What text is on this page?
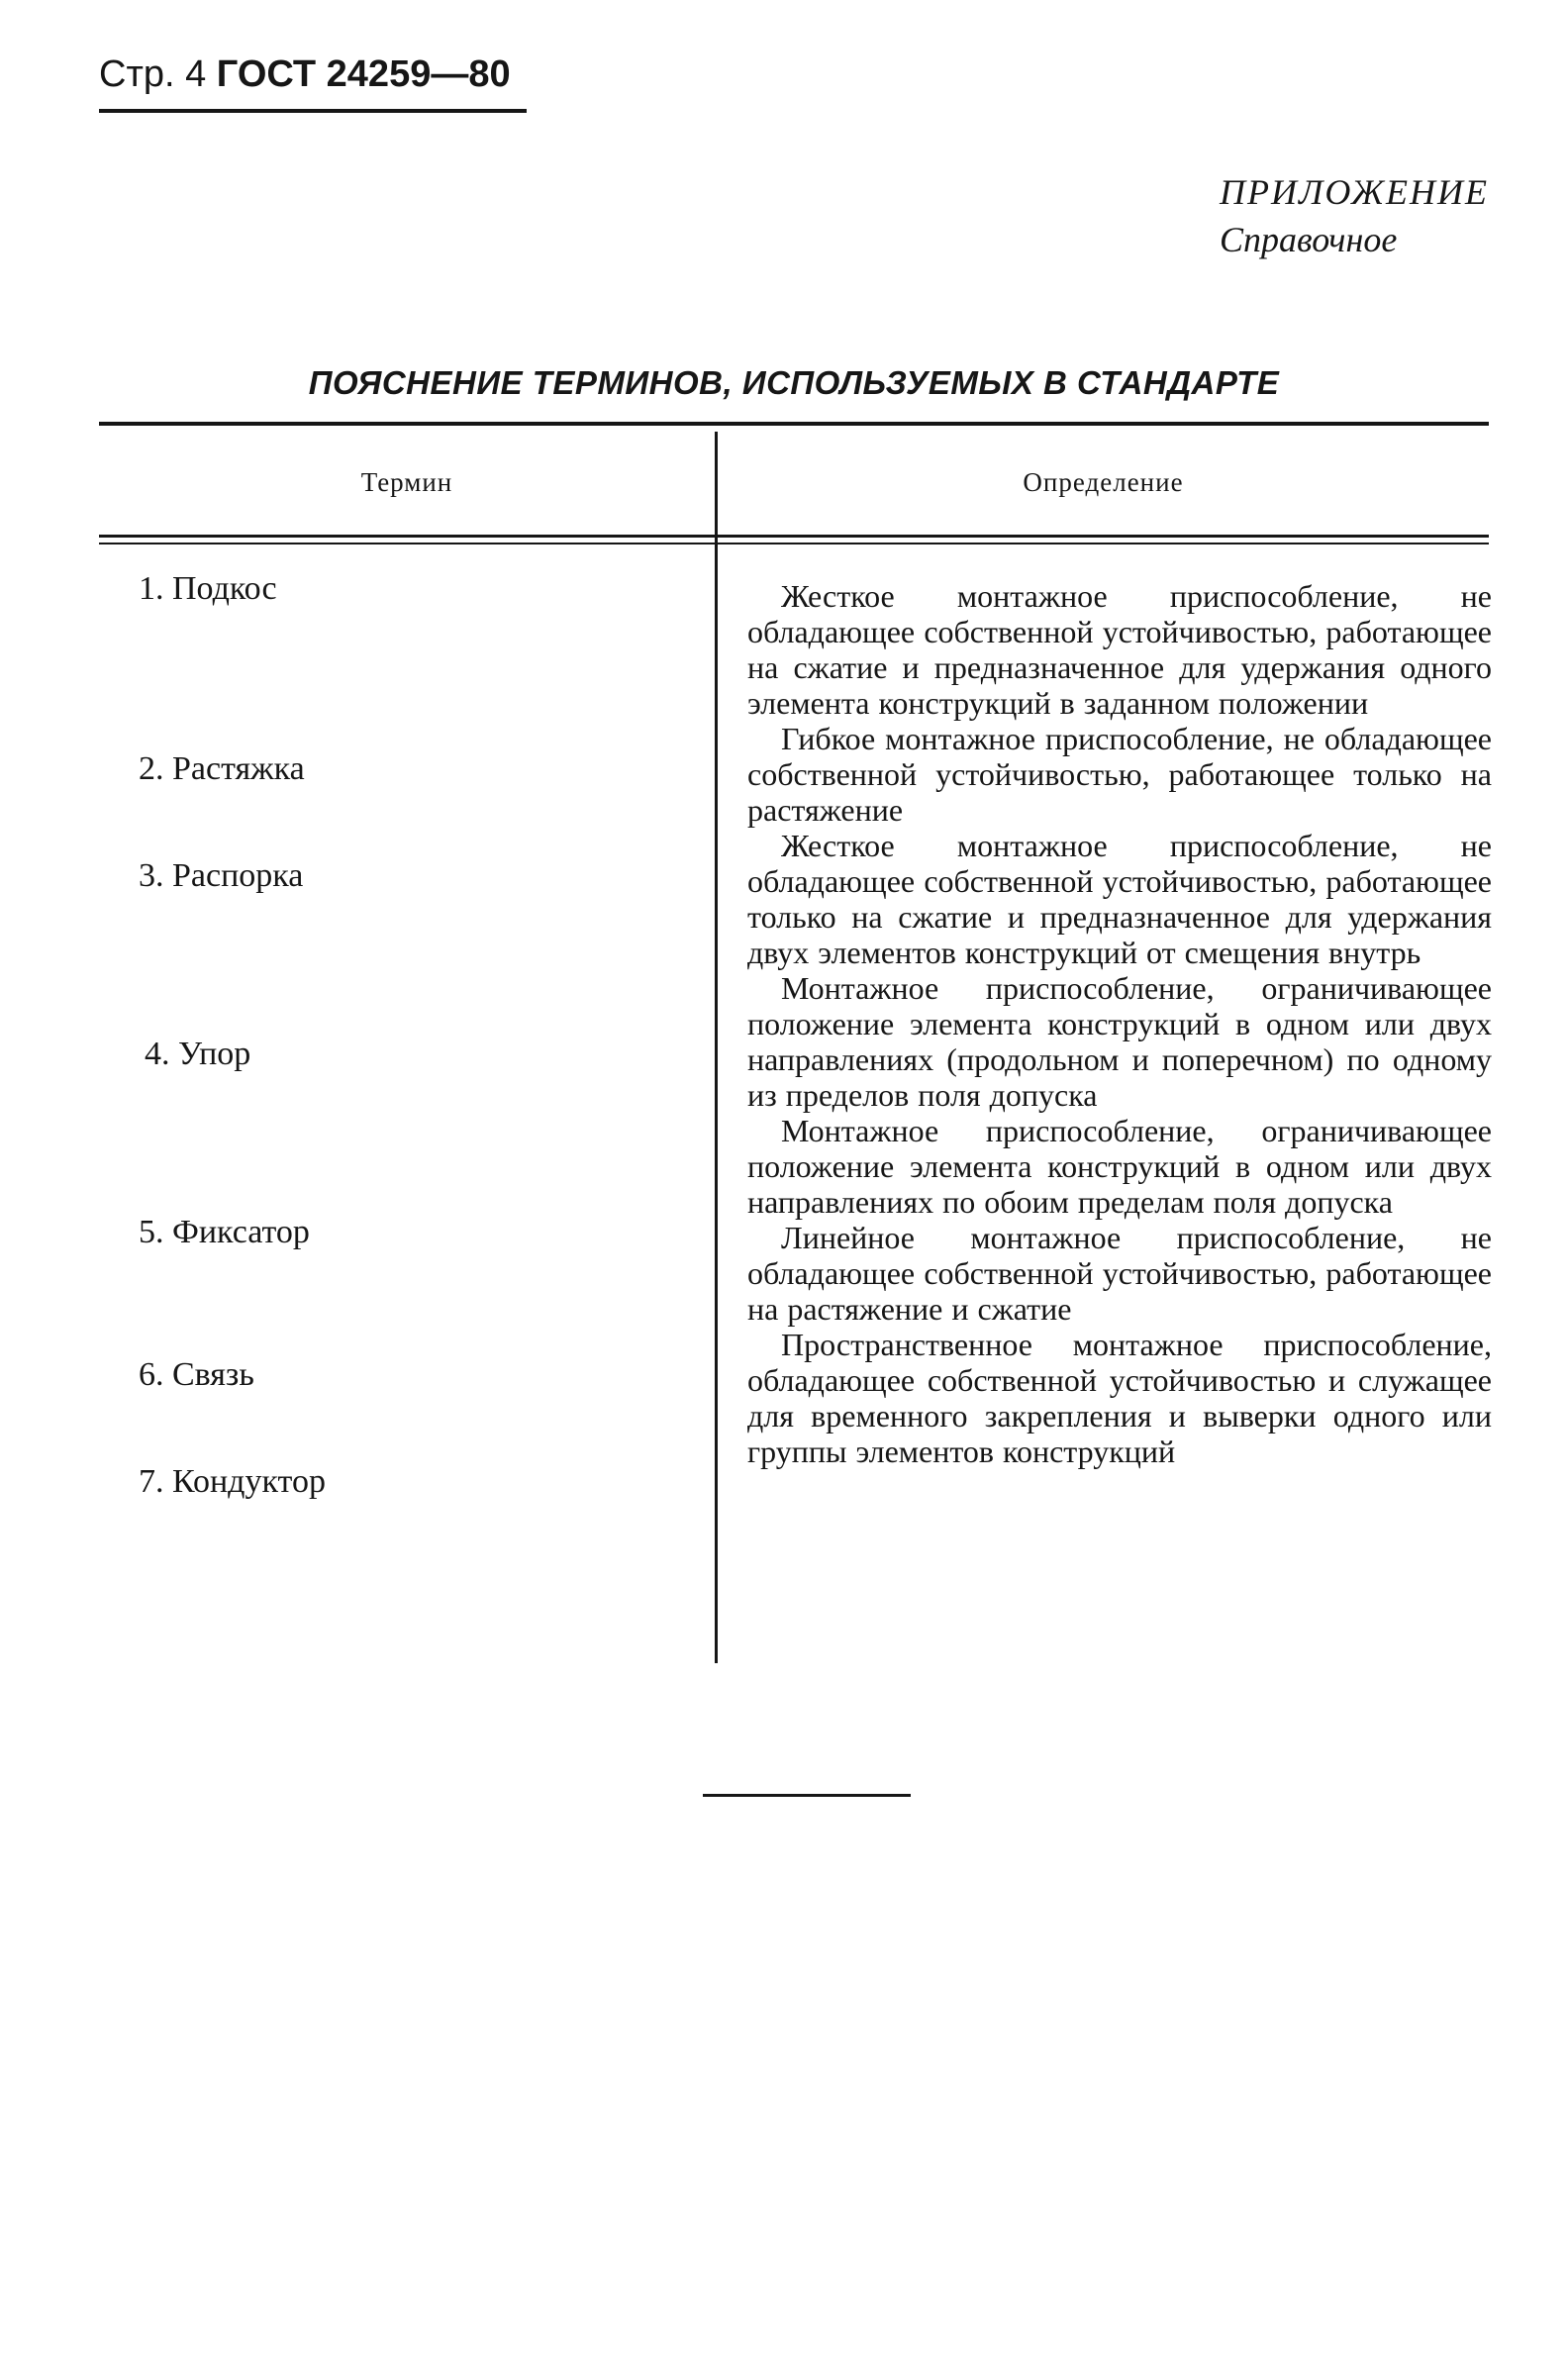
Стр. 4 ГОСТ 24259—80
ПРИЛОЖЕНИЕ
Справочное
ПОЯСНЕНИЕ ТЕРМИНОВ, ИСПОЛЬЗУЕМЫХ В СТАНДАРТЕ
Термин	Определение
1. Подкос
2. Растяжка
3. Распорка
4. Упор
5. Фиксатор
6. Связь
7. Кондуктор
Жесткое монтажное приспособление, не обладающее собственной устойчивостью, работающее на сжатие и предназначенное для удержания одного элемента конструкций в заданном положении
Гибкое монтажное приспособление, не обладающее собственной устойчивостью, работающее только на растяжение
Жесткое монтажное приспособление, не обладающее собственной устойчивостью, работающее только на сжатие и предназначенное для удержания двух элементов конструкций от смещения внутрь
Монтажное приспособление, ограничивающее положение элемента конструкций в одном или двух направлениях (продольном и поперечном) по одному из пределов поля допуска
Монтажное приспособление, ограничивающее положение элемента конструкций в одном или двух направлениях по обоим пределам поля допуска
Линейное монтажное приспособление, не обладающее собственной устойчивостью, работающее на растяжение и сжатие
Пространственное монтажное приспособление, обладающее собственной устойчивостью и служащее для временного закрепления и выверки одного или группы элементов конструкций
